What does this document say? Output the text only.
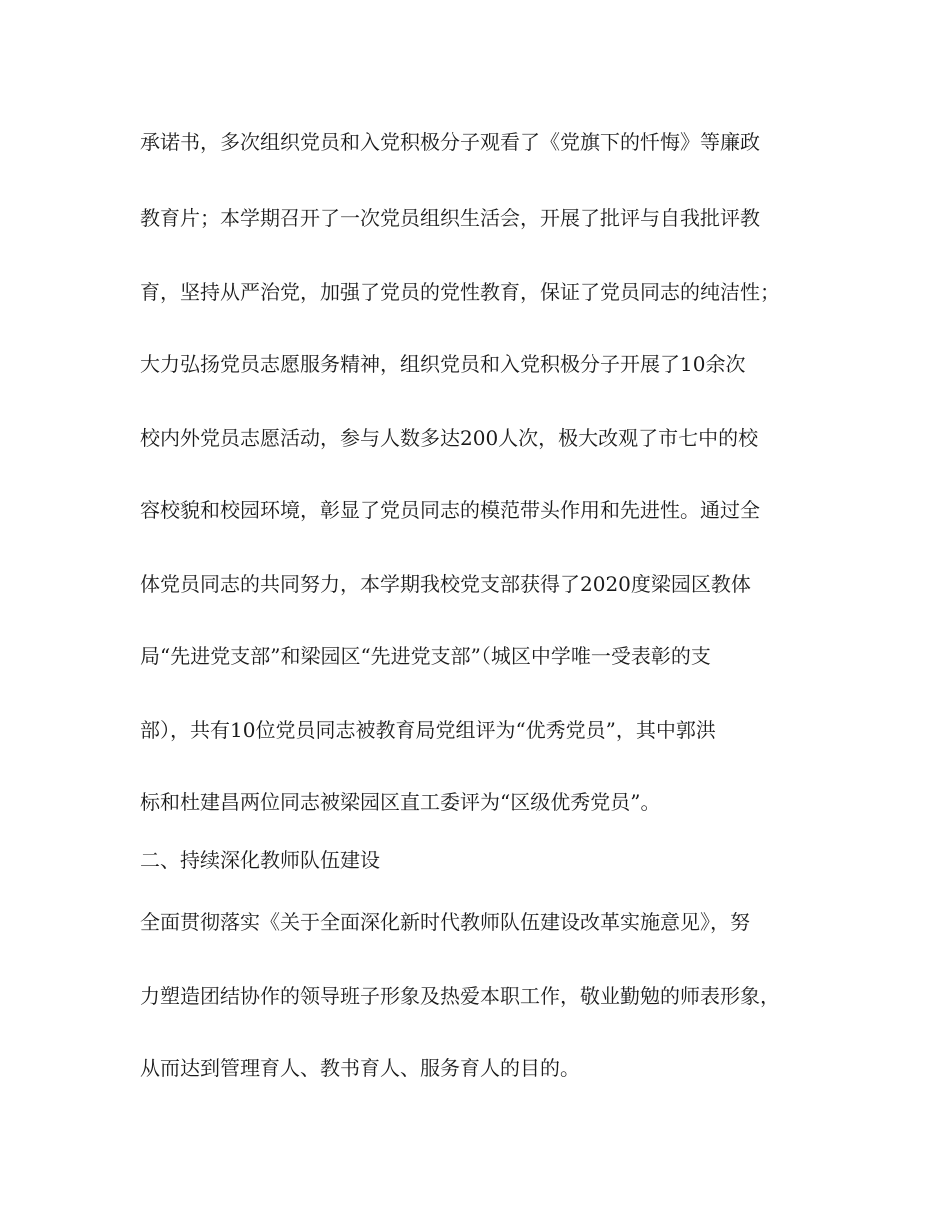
承诺书，多次组织党员和入党积极分子观看了《党旗下的忏悔》等廉政
教育片；本学期召开了一次党员组织生活会，开展了批评与自我批评教
育，坚持从严治党，加强了党员的党性教育，保证了党员同志的纯洁性；
大力弘扬党员志愿服务精神，组织党员和入党积极分子开展了10余次
校内外党员志愿活动，参与人数多达200人次，极大改观了市七中的校
容校貌和校园环境，彰显了党员同志的模范带头作用和先进性。通过全
体党员同志的共同努力，本学期我校党支部获得了2020度梁园区教体
局“先进党支部”和梁园区“先进党支部”（城区中学唯一受表彰的支
部），共有10位党员同志被教育局党组评为“优秀党员”，其中郭洪
标和杜建昌两位同志被梁园区直工委评为“区级优秀党员”。
二、持续深化教师队伍建设
全面贯彻落实《关于全面深化新时代教师队伍建设改革实施意见》，努
力塑造团结协作的领导班子形象及热爱本职工作，敬业勤勉的师表形象，
从而达到管理育人、教书育人、服务育人的目的。
